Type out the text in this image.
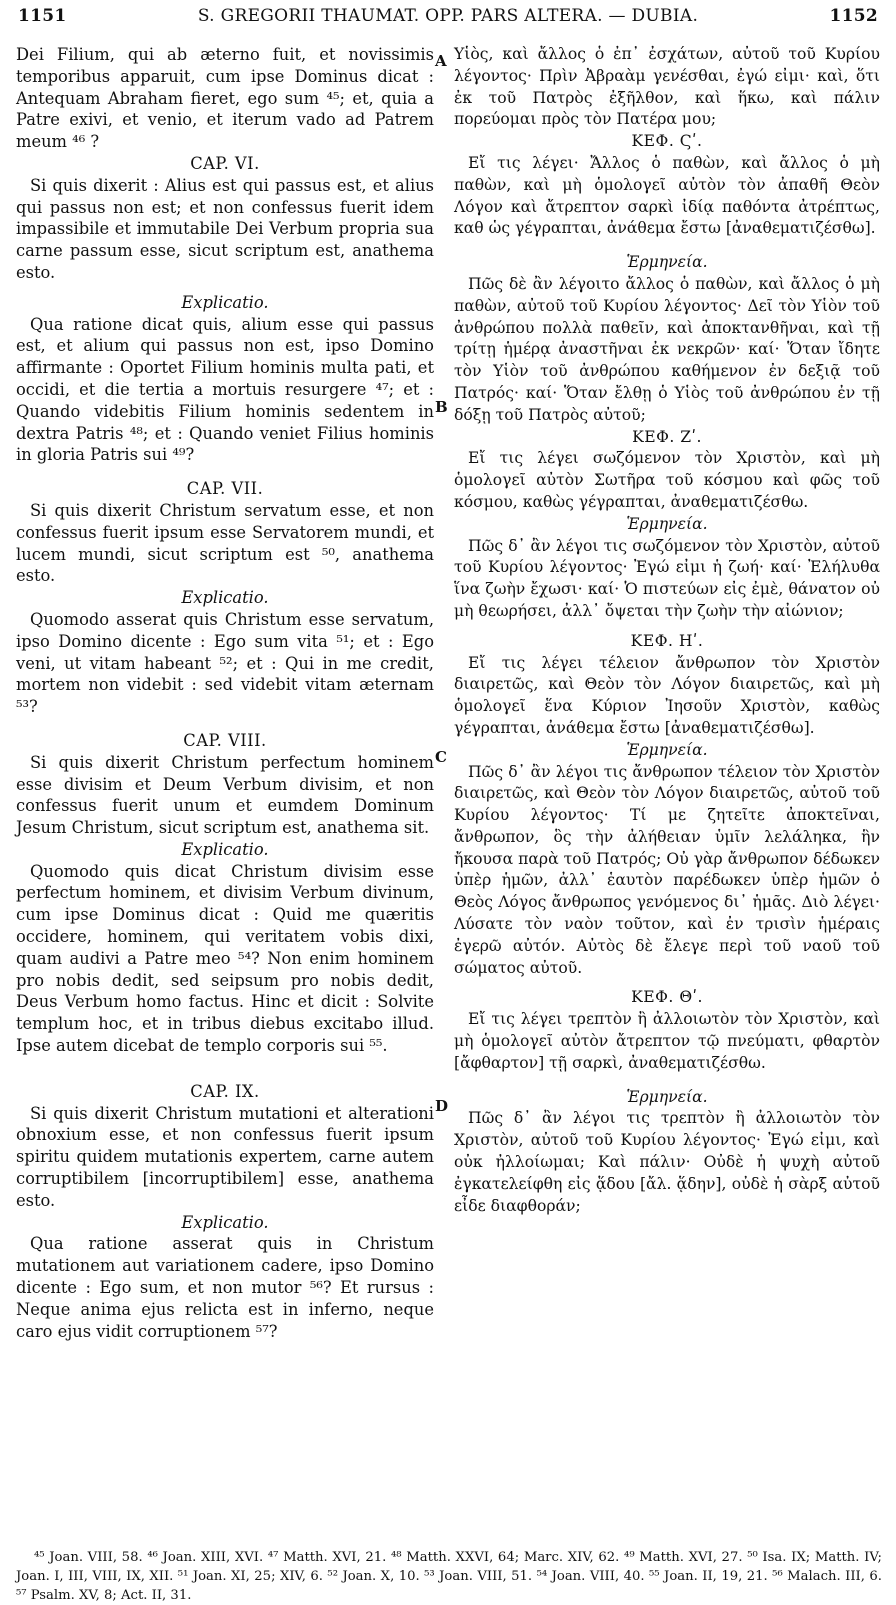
S. GREGORII THAUMAT. OPP. PARS ALTERA. — DUBIA.
1151	1152
A
B
C
D

Dei Filium, qui ab æterno fuit, et novissimis temporibus apparuit, cum ipse Dominus dicat : Antequam Abraham fieret, ego sum ⁴⁵; et, quia a Patre exivi, et venio, et iterum vado ad Patrem meum ⁴⁶ ?

CAP. VI.

Si quis dixerit : Alius est qui passus est, et alius qui passus non est; et non confessus fuerit idem impassibile et immutabile Dei Verbum propria sua carne passum esse, sicut scriptum est, anathema esto.

Explicatio.

Qua ratione dicat quis, alium esse qui passus est, et alium qui passus non est, ipso Domino affirmante : Oportet Filium hominis multa pati, et occidi, et die tertia a mortuis resurgere ⁴⁷; et : Quando videbitis Filium hominis sedentem in dextra Patris ⁴⁸; et : Quando veniet Filius hominis in gloria Patris sui ⁴⁹?

CAP. VII.

Si quis dixerit Christum servatum esse, et non confessus fuerit ipsum esse Servatorem mundi, et lucem mundi, sicut scriptum est ⁵⁰, anathema esto.

Explicatio.

Quomodo asserat quis Christum esse servatum, ipso Domino dicente : Ego sum vita ⁵¹; et : Ego veni, ut vitam habeant ⁵²; et : Qui in me credit, mortem non videbit : sed videbit vitam æternam ⁵³?

CAP. VIII.

Si quis dixerit Christum perfectum hominem esse divisim et Deum Verbum divisim, et non confessus fuerit unum et eumdem Dominum Jesum Christum, sicut scriptum est, anathema sit.

Explicatio.

Quomodo quis dicat Christum divisim esse perfectum hominem, et divisim Verbum divinum, cum ipse Dominus dicat : Quid me quæritis occidere, hominem, qui veritatem vobis dixi, quam audivi a Patre meo ⁵⁴? Non enim hominem pro nobis dedit, sed seipsum pro nobis dedit, Deus Verbum homo factus. Hinc et dicit : Solvite templum hoc, et in tribus diebus excitabo illud. Ipse autem dicebat de templo corporis sui ⁵⁵.

CAP. IX.

Si quis dixerit Christum mutationi et alterationi obnoxium esse, et non confessus fuerit ipsum spiritu quidem mutationis expertem, carne autem corruptibilem [incorruptibilem] esse, anathema esto.

Explicatio.

Qua ratione asserat quis in Christum mutationem aut variationem cadere, ipso Domino dicente : Ego sum, et non mutor ⁵⁶? Et rursus : Neque anima ejus relicta est in inferno, neque caro ejus vidit corruptionem ⁵⁷?

Υἱὸς, καὶ ἄλλος ὁ ἐπ᾽ ἐσχάτων, αὐτοῦ τοῦ Κυρίου λέγοντος· Πρὶν Ἀβραὰμ γενέσθαι, ἐγώ εἰμι· καὶ, ὅτι ἐκ τοῦ Πατρὸς ἐξῆλθον, καὶ ἥκω, καὶ πάλιν πορεύομαι πρὸς τὸν Πατέρα μου;

ΚΕΦ. Ϛʹ.

Εἴ τις λέγει· Ἄλλος ὁ παθὼν, καὶ ἄλλος ὁ μὴ παθὼν, καὶ μὴ ὁμολογεῖ αὐτὸν τὸν ἀπαθῆ Θεὸν Λόγον καὶ ἄτρεπτον σαρκὶ ἰδίᾳ παθόντα ἀτρέπτως, καθ ὡς γέγραπται, ἀνάθεμα ἔστω [ἀναθεματιζέσθω].

Ἑρμηνεία.

Πῶς δὲ ἂν λέγοιτο ἄλλος ὁ παθὼν, καὶ ἄλλος ὁ μὴ παθὼν, αὐτοῦ τοῦ Κυρίου λέγοντος· Δεῖ τὸν Υἱὸν τοῦ ἀνθρώπου πολλὰ παθεῖν, καὶ ἀποκτανθῆναι, καὶ τῇ τρίτῃ ἡμέρᾳ ἀναστῆναι ἐκ νεκρῶν· καί· Ὅταν ἴδητε τὸν Υἱὸν τοῦ ἀνθρώπου καθήμενον ἐν δεξιᾷ τοῦ Πατρός· καί· Ὅταν ἔλθῃ ὁ Υἱὸς τοῦ ἀνθρώπου ἐν τῇ δόξῃ τοῦ Πατρὸς αὐτοῦ;

ΚΕΦ. Ζʹ.

Εἴ τις λέγει σωζόμενον τὸν Χριστὸν, καὶ μὴ ὁμολογεῖ αὐτὸν Σωτῆρα τοῦ κόσμου καὶ φῶς τοῦ κόσμου, καθὼς γέγραπται, ἀναθεματιζέσθω.

Ἑρμηνεία.

Πῶς δ᾽ ἂν λέγοι τις σωζόμενον τὸν Χριστὸν, αὐτοῦ τοῦ Κυρίου λέγοντος· Ἐγώ εἰμι ἡ ζωή· καί· Ἐλήλυθα ἵνα ζωὴν ἔχωσι· καί· Ὁ πιστεύων εἰς ἐμὲ, θάνατον οὐ μὴ θεωρήσει, ἀλλ᾽ ὄψεται τὴν ζωὴν τὴν αἰώνιον;

ΚΕΦ. Ηʹ.

Εἴ τις λέγει τέλειον ἄνθρωπον τὸν Χριστὸν διαιρετῶς, καὶ Θεὸν τὸν Λόγον διαιρετῶς, καὶ μὴ ὁμολογεῖ ἕνα Κύριον Ἰησοῦν Χριστὸν, καθὼς γέγραπται, ἀνάθεμα ἔστω [ἀναθεματιζέσθω].

Ἑρμηνεία.

Πῶς δ᾽ ἂν λέγοι τις ἄνθρωπον τέλειον τὸν Χριστὸν διαιρετῶς, καὶ Θεὸν τὸν Λόγον διαιρετῶς, αὐτοῦ τοῦ Κυρίου λέγοντος· Τί με ζητεῖτε ἀποκτεῖναι, ἄνθρωπον, ὃς τὴν ἀλήθειαν ὑμῖν λελάληκα, ἣν ἤκουσα παρὰ τοῦ Πατρός; Οὐ γὰρ ἄνθρωπον δέδωκεν ὑπὲρ ἡμῶν, ἀλλ᾽ ἑαυτὸν παρέδωκεν ὑπὲρ ἡμῶν ὁ Θεὸς Λόγος ἄνθρωπος γενόμενος δι᾽ ἡμᾶς. Διὸ λέγει· Λύσατε τὸν ναὸν τοῦτον, καὶ ἐν τρισὶν ἡμέραις ἐγερῶ αὐτόν. Αὐτὸς δὲ ἔλεγε περὶ τοῦ ναοῦ τοῦ σώματος αὐτοῦ.

ΚΕΦ. Θʹ.

Εἴ τις λέγει τρεπτὸν ἢ ἀλλοιωτὸν τὸν Χριστὸν, καὶ μὴ ὁμολογεῖ αὐτὸν ἄτρεπτον τῷ πνεύματι, φθαρτὸν [ἄφθαρτον] τῇ σαρκὶ, ἀναθεματιζέσθω.

Ἑρμηνεία.

Πῶς δ᾽ ἂν λέγοι τις τρεπτὸν ἢ ἀλλοιωτὸν τὸν Χριστὸν, αὐτοῦ τοῦ Κυρίου λέγοντος· Ἐγώ εἰμι, καὶ οὐκ ἠλλοίωμαι; Καὶ πάλιν· Οὐδὲ ἡ ψυχὴ αὐτοῦ ἐγκατελείφθη εἰς ᾅδου [ἄλ. ᾅδην], οὐδὲ ἡ σὰρξ αὐτοῦ εἶδε διαφθοράν;

⁴⁵ Joan. VIII, 58. ⁴⁶ Joan. XIII, XVI. ⁴⁷ Matth. XVI, 21. ⁴⁸ Matth. XXVI, 64; Marc. XIV, 62. ⁴⁹ Matth. XVI, 27. ⁵⁰ Isa. IX; Matth. IV; Joan. I, III, VIII, IX, XII. ⁵¹ Joan. XI, 25; XIV, 6. ⁵² Joan. X, 10. ⁵³ Joan. VIII, 51. ⁵⁴ Joan. VIII, 40. ⁵⁵ Joan. II, 19, 21. ⁵⁶ Malach. III, 6. ⁵⁷ Psalm. XV, 8; Act. II, 31.
